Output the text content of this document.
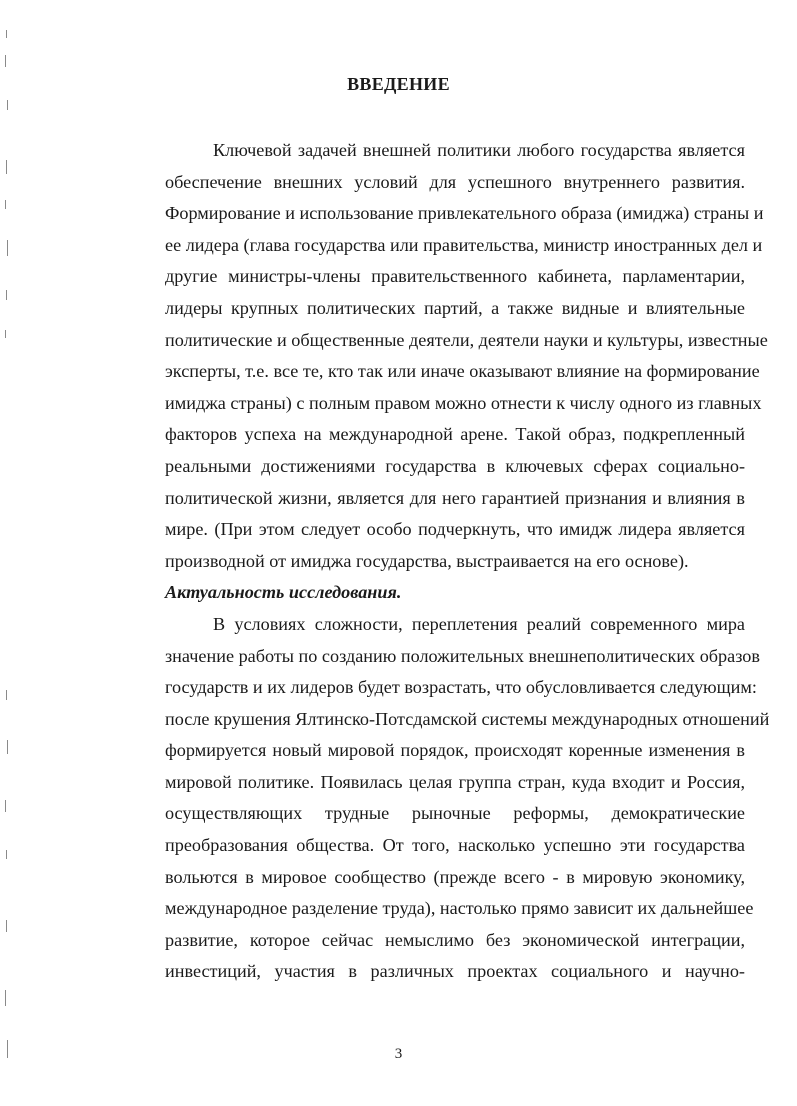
ВВЕДЕНИЕ

Ключевой задачей внешней политики любого государства является
обеспечение внешних условий для успешного внутреннего развития.
Формирование и использование привлекательного образа (имиджа) страны и
ее лидера (глава государства или правительства, министр иностранных дел и
другие министры-члены правительственного кабинета, парламентарии,
лидеры крупных политических партий, а также видные и влиятельные
политические и общественные деятели, деятели науки и культуры, известные
эксперты, т.е. все те, кто так или иначе оказывают влияние на формирование
имиджа страны) с полным правом можно отнести к числу одного из главных
факторов успеха на международной арене. Такой образ, подкрепленный
реальными достижениями государства в ключевых сферах социально-
политической жизни, является для него гарантией признания и влияния в
мире. (При этом следует особо подчеркнуть, что имидж лидера является
производной от имиджа государства, выстраивается на его основе).

Актуальность исследования.

В условиях сложности, переплетения реалий современного мира
значение работы по созданию положительных внешнеполитических образов
государств и их лидеров будет возрастать, что обусловливается следующим:
после крушения Ялтинско-Потсдамской системы международных отношений
формируется новый мировой порядок, происходят коренные изменения в
мировой политике. Появилась целая группа стран, куда входит и Россия,
осуществляющих трудные рыночные реформы, демократические
преобразования общества. От того, насколько успешно эти государства
вольются в мировое сообщество (прежде всего - в мировую экономику,
международное разделение труда), настолько прямо зависит их дальнейшее
развитие, которое сейчас немыслимо без экономической интеграции,
инвестиций, участия в различных проектах социального и научно-

3
